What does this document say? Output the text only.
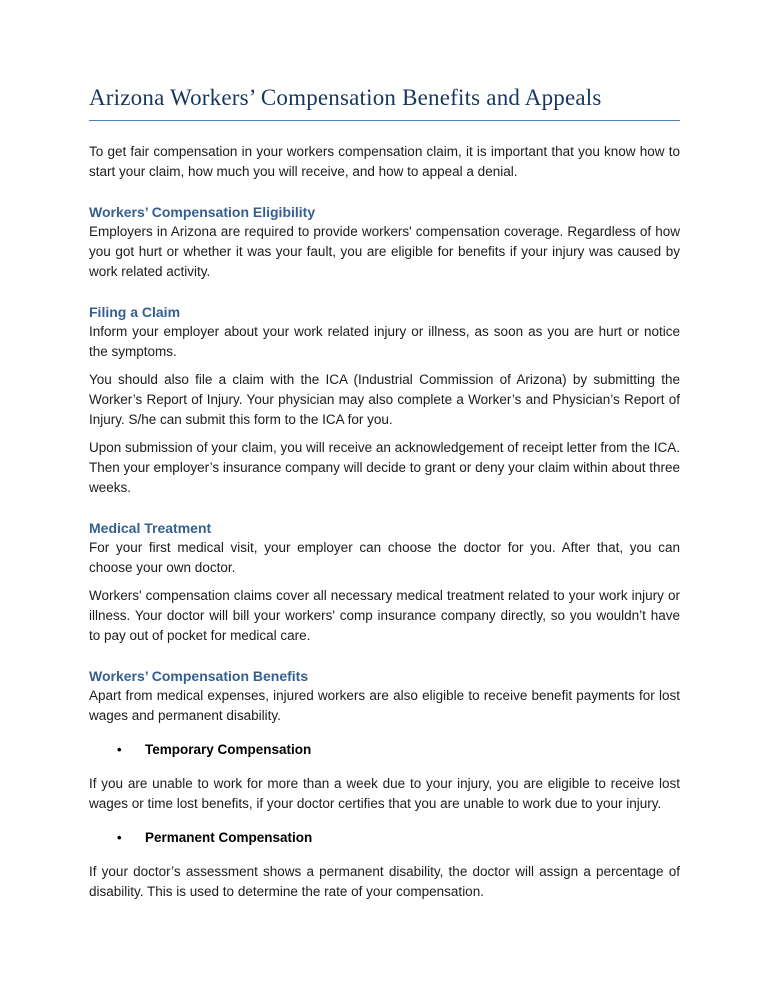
Arizona Workers’ Compensation Benefits and Appeals

To get fair compensation in your workers compensation claim, it is important that you know how to start your claim, how much you will receive, and how to appeal a denial.

Workers’ Compensation Eligibility

Employers in Arizona are required to provide workers' compensation coverage. Regardless of how you got hurt or whether it was your fault, you are eligible for benefits if your injury was caused by work related activity.

Filing a Claim

Inform your employer about your work related injury or illness, as soon as you are hurt or notice the symptoms.

You should also file a claim with the ICA (Industrial Commission of Arizona) by submitting the Worker’s Report of Injury. Your physician may also complete a Worker’s and Physician’s Report of Injury. S/he can submit this form to the ICA for you.

Upon submission of your claim, you will receive an acknowledgement of receipt letter from the ICA. Then your employer’s insurance company will decide to grant or deny your claim within about three weeks.

Medical Treatment

For your first medical visit, your employer can choose the doctor for you. After that, you can choose your own doctor.

Workers' compensation claims cover all necessary medical treatment related to your work injury or illness. Your doctor will bill your workers' comp insurance company directly, so you wouldn’t have to pay out of pocket for medical care.

Workers’ Compensation Benefits

Apart from medical expenses, injured workers are also eligible to receive benefit payments for lost wages and permanent disability.

•
Temporary Compensation

If you are unable to work for more than a week due to your injury, you are eligible to receive lost wages or time lost benefits, if your doctor certifies that you are unable to work due to your injury.

•
Permanent Compensation

If your doctor’s assessment shows a permanent disability, the doctor will assign a percentage of disability. This is used to determine the rate of your compensation.
